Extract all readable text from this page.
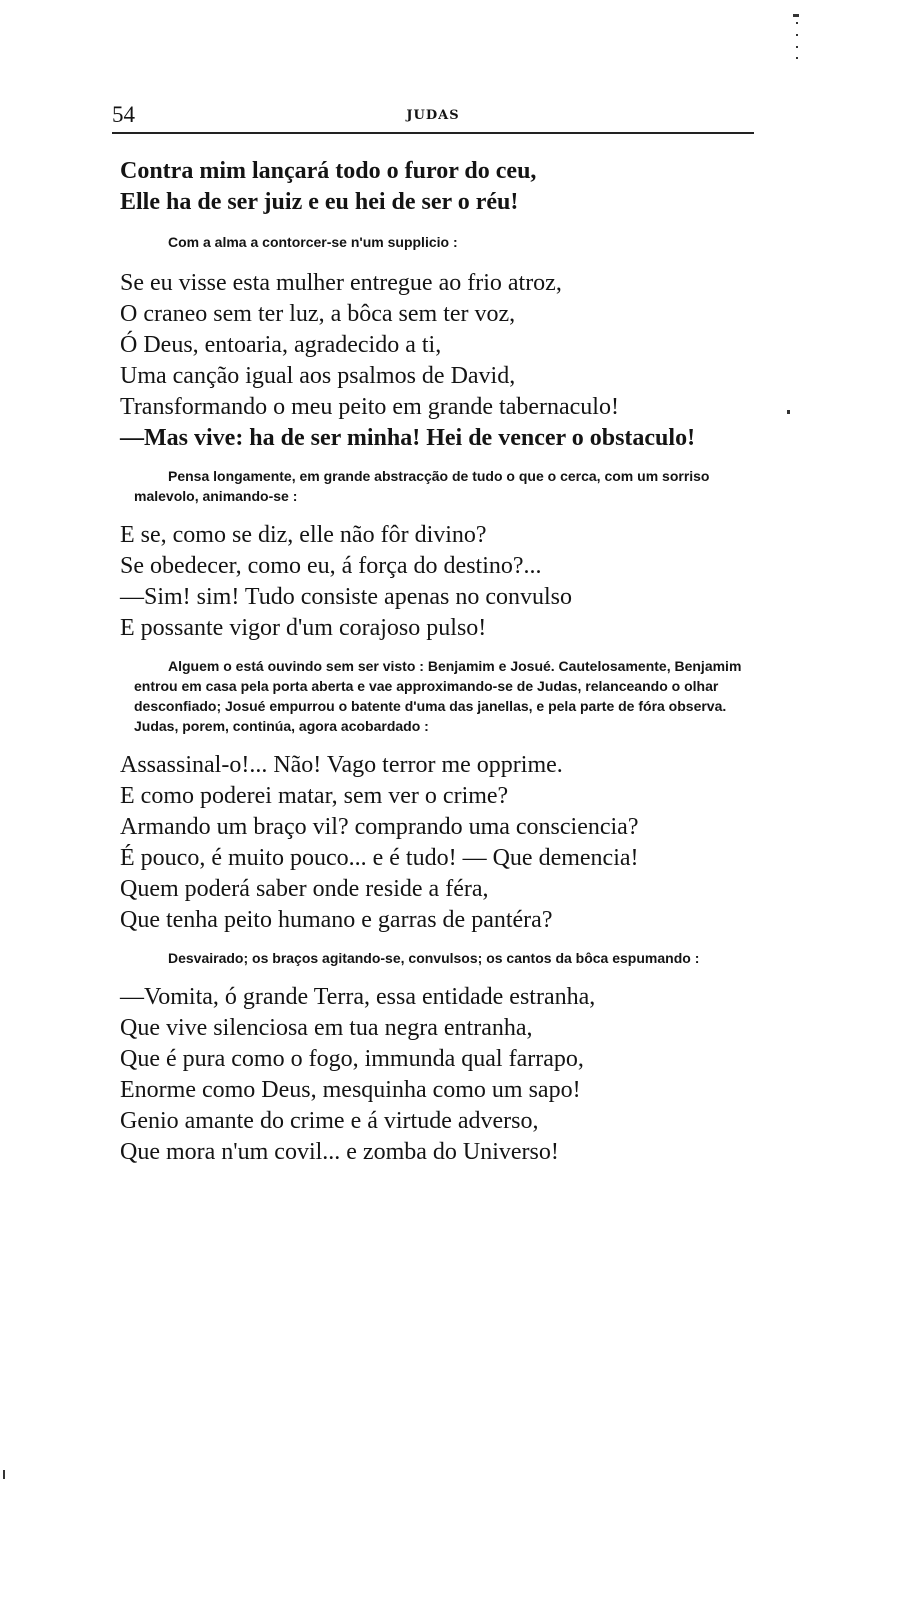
54	JUDAS
Contra mim lançará todo o furor do ceu,
Elle ha de ser juiz e eu hei de ser o réu!
Com a alma a contorcer-se n'um supplicio :
Se eu visse esta mulher entregue ao frio atroz,
O craneo sem ter luz, a bôca sem ter voz,
Ó Deus, entoaria, agradecido a ti,
Uma canção igual aos psalmos de David,
Transformando o meu peito em grande tabernaculo!
—Mas vive: ha de ser minha! Hei de vencer o obstaculo!
Pensa longamente, em grande abstracção de tudo o que o cerca, com um sorriso malevolo, animando-se :
E se, como se diz, elle não fôr divino?
Se obedecer, como eu, á força do destino?...
—Sim! sim! Tudo consiste apenas no convulso
E possante vigor d'um corajoso pulso!
Alguem o está ouvindo sem ser visto : Benjamim e Josué. Cautelosamente, Benjamim entrou em casa pela porta aberta e vae approximando-se de Judas, relanceando o olhar desconfiado; Josué empurrou o batente d'uma das janellas, e pela parte de fóra observa. Judas, porem, continúa, agora acobardado :
Assassinal-o!... Não! Vago terror me opprime.
E como poderei matar, sem ver o crime?
Armando um braço vil? comprando uma consciencia?
É pouco, é muito pouco... e é tudo! — Que demencia!
Quem poderá saber onde reside a féra,
Que tenha peito humano e garras de pantéra?
Desvairado; os braços agitando-se, convulsos; os cantos da bôca espumando :
—Vomita, ó grande Terra, essa entidade estranha,
Que vive silenciosa em tua negra entranha,
Que é pura como o fogo, immunda qual farrapo,
Enorme como Deus, mesquinha como um sapo!
Genio amante do crime e á virtude adverso,
Que mora n'um covil... e zomba do Universo!
